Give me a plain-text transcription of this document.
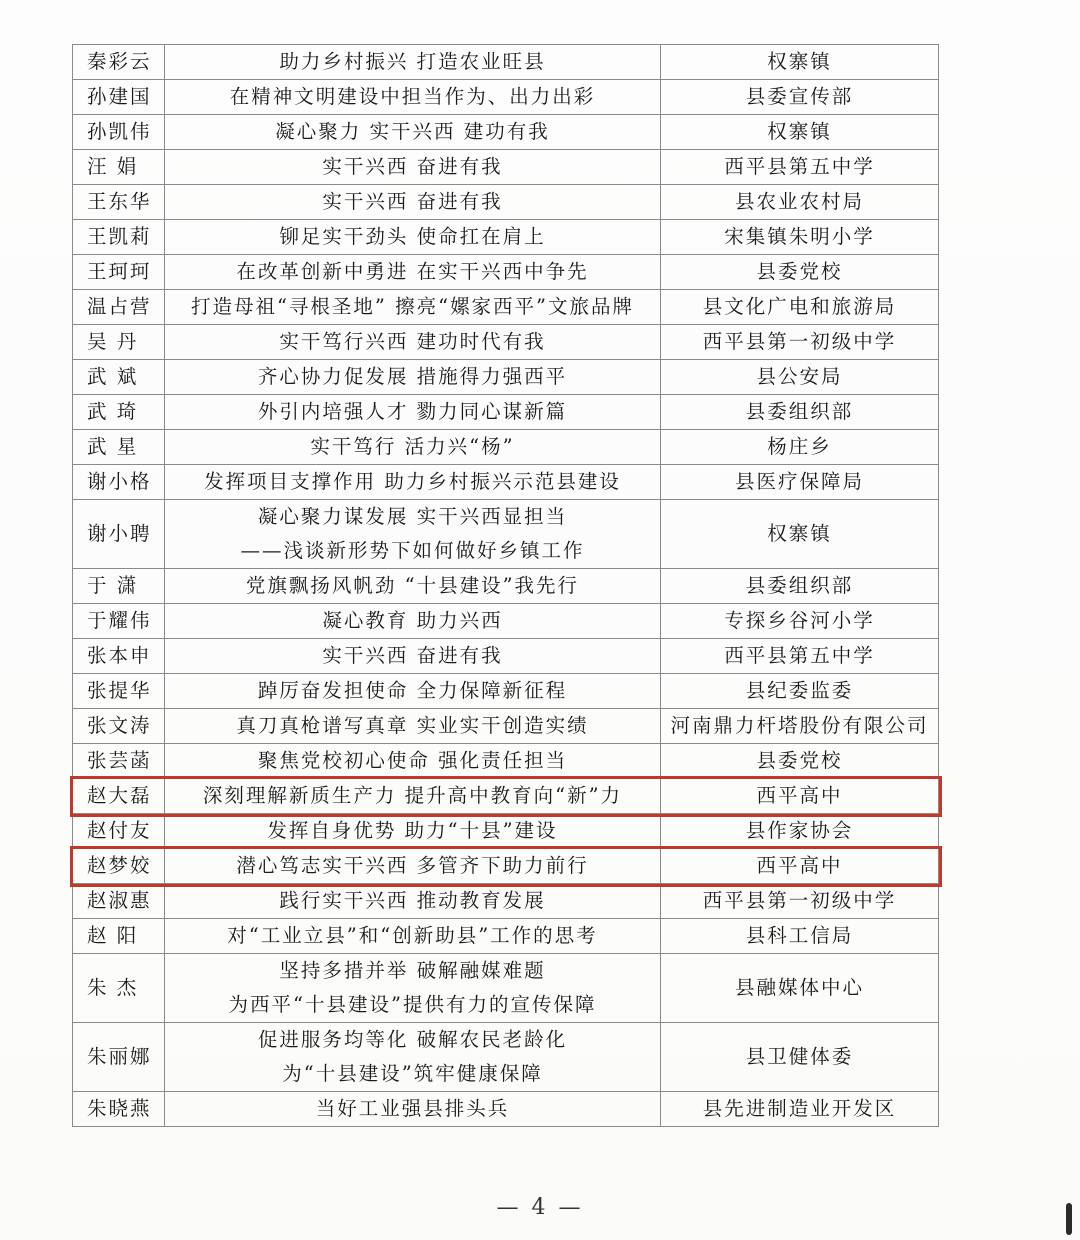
秦彩云	助力乡村振兴 打造农业旺县	权寨镇
孙建国	在精神文明建设中担当作为、出力出彩	县委宣传部
孙凯伟	凝心聚力 实干兴西 建功有我	权寨镇
汪 娟	实干兴西 奋进有我	西平县第五中学
王东华	实干兴西 奋进有我	县农业农村局
王凯莉	铆足实干劲头 使命扛在肩上	宋集镇朱明小学
王珂珂	在改革创新中勇进 在实干兴西中争先	县委党校
温占营	打造母祖“寻根圣地” 擦亮“嫘家西平”文旅品牌	县文化广电和旅游局
吴 丹	实干笃行兴西 建功时代有我	西平县第一初级中学
武 斌	齐心协力促发展 措施得力强西平	县公安局
武 琦	外引内培强人才 勠力同心谋新篇	县委组织部
武 星	实干笃行 活力兴“杨”	杨庄乡
谢小格	发挥项目支撑作用 助力乡村振兴示范县建设	县医疗保障局
谢小聘	凝心聚力谋发展 实干兴西显担当
——浅谈新形势下如何做好乡镇工作	权寨镇
于 潇	党旗飘扬风帆劲 “十县建设”我先行	县委组织部
于耀伟	凝心教育 助力兴西	专探乡谷河小学
张本申	实干兴西 奋进有我	西平县第五中学
张提华	踔厉奋发担使命 全力保障新征程	县纪委监委
张文涛	真刀真枪谱写真章 实业实干创造实绩	河南鼎力杆塔股份有限公司
张芸菡	聚焦党校初心使命 强化责任担当	县委党校
赵大磊	深刻理解新质生产力 提升高中教育向“新”力	西平高中
赵付友	发挥自身优势 助力“十县”建设	县作家协会
赵梦姣	潜心笃志实干兴西 多管齐下助力前行	西平高中
赵淑惠	践行实干兴西 推动教育发展	西平县第一初级中学
赵 阳	对“工业立县”和“创新助县”工作的思考	县科工信局
朱 杰	坚持多措并举 破解融媒难题
为西平“十县建设”提供有力的宣传保障	县融媒体中心
朱丽娜	促进服务均等化 破解农民老龄化
为“十县建设”筑牢健康保障	县卫健体委
朱晓燕	当好工业强县排头兵	县先进制造业开发区
— 4 —
